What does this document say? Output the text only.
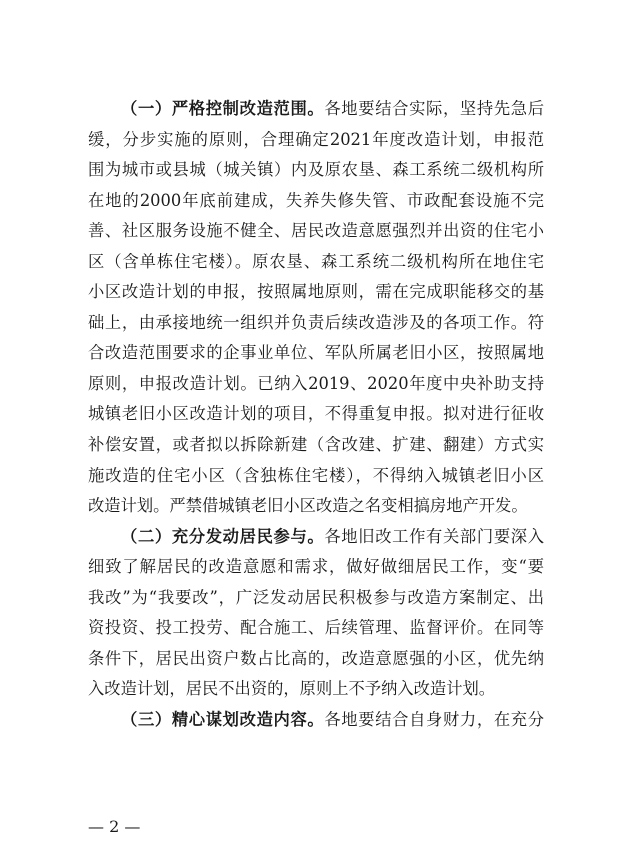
（一）严格控制改造范围。各地要结合实际，坚持先急后
缓，分步实施的原则，合理确定2021年度改造计划，申报范
围为城市或县城（城关镇）内及原农垦、森工系统二级机构所
在地的2000年底前建成，失养失修失管、市政配套设施不完
善、社区服务设施不健全、居民改造意愿强烈并出资的住宅小
区（含单栋住宅楼）。原农垦、森工系统二级机构所在地住宅
小区改造计划的申报，按照属地原则，需在完成职能移交的基
础上，由承接地统一组织并负责后续改造涉及的各项工作。符
合改造范围要求的企事业单位、军队所属老旧小区，按照属地
原则，申报改造计划。已纳入2019、2020年度中央补助支持
城镇老旧小区改造计划的项目，不得重复申报。拟对进行征收
补偿安置，或者拟以拆除新建（含改建、扩建、翻建）方式实
施改造的住宅小区（含独栋住宅楼），不得纳入城镇老旧小区
改造计划。严禁借城镇老旧小区改造之名变相搞房地产开发。
（二）充分发动居民参与。各地旧改工作有关部门要深入
细致了解居民的改造意愿和需求，做好做细居民工作，变“要
我改”为“我要改”，广泛发动居民积极参与改造方案制定、出
资投资、投工投劳、配合施工、后续管理、监督评价。在同等
条件下，居民出资户数占比高的，改造意愿强的小区，优先纳
入改造计划，居民不出资的，原则上不予纳入改造计划。
（三）精心谋划改造内容。各地要结合自身财力，在充分
— 2 —
